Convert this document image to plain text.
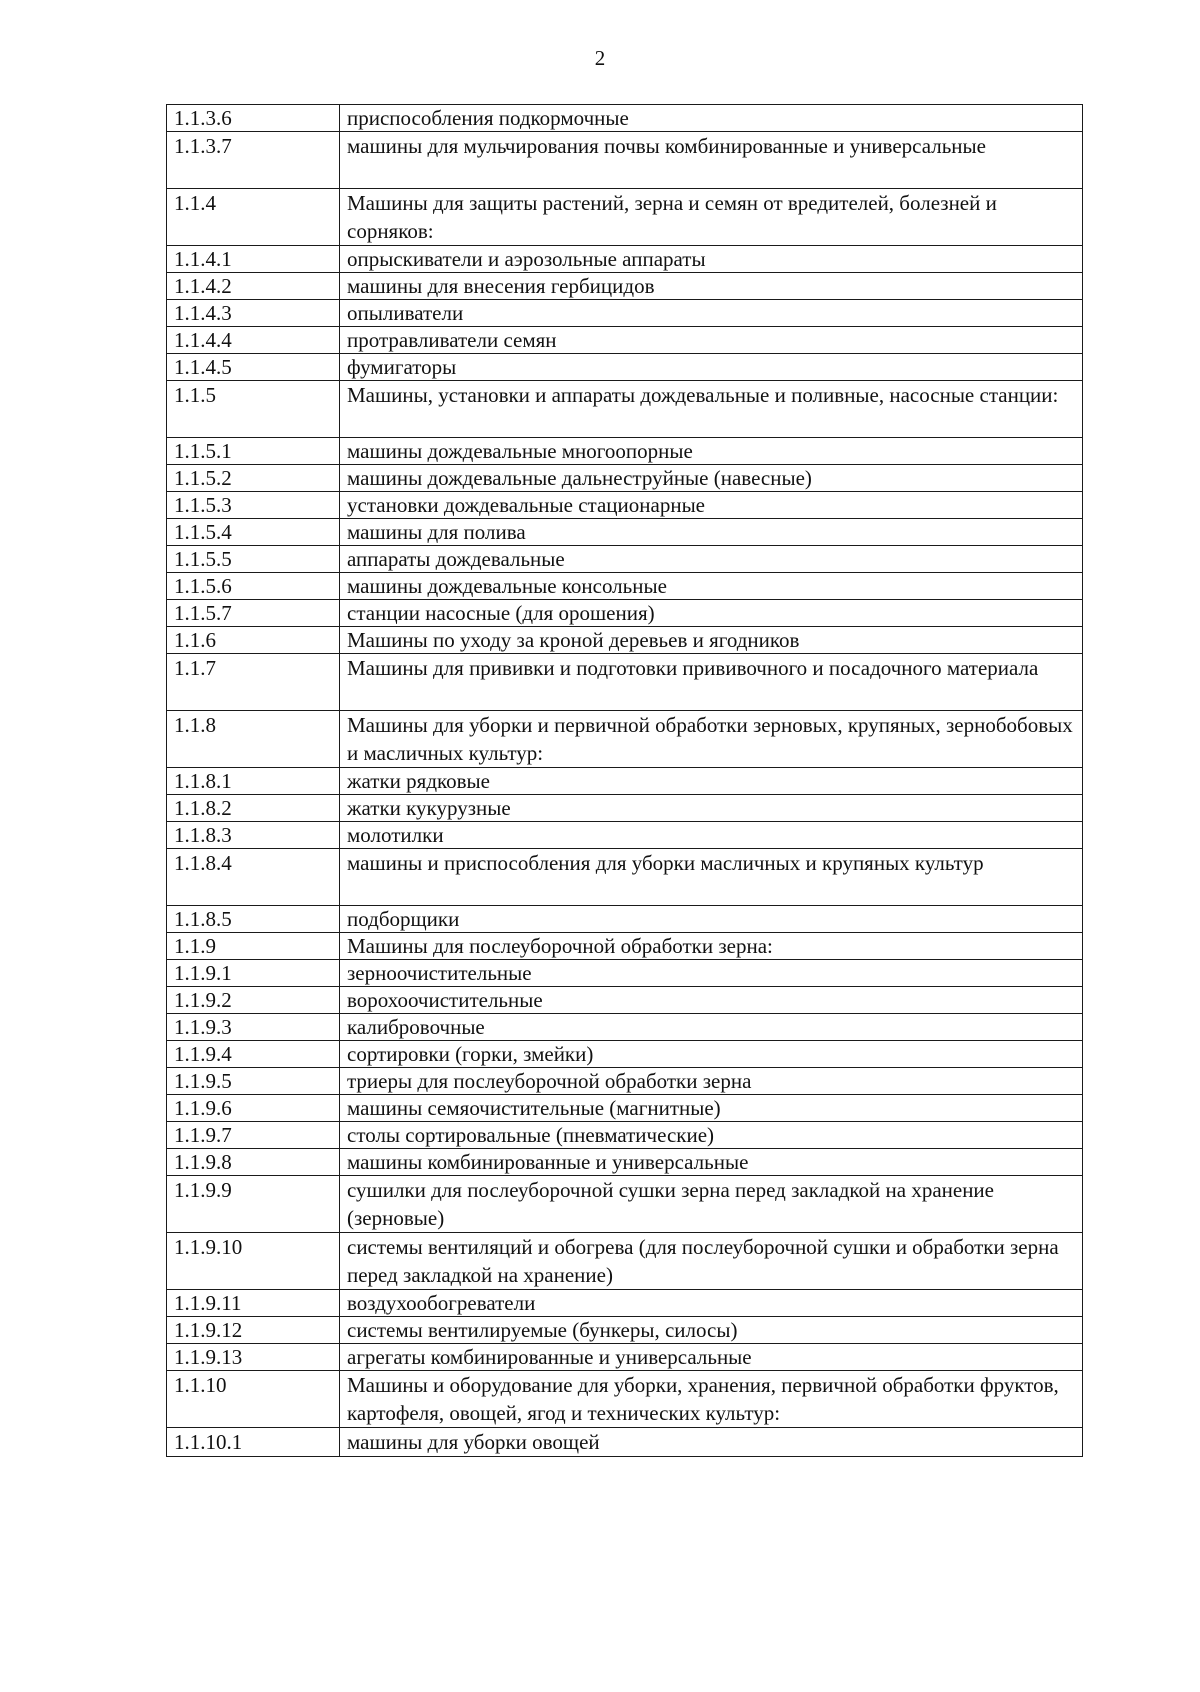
2
1.1.3.6	приспособления подкормочные
1.1.3.7	машины для мульчирования почвы комбинированные и универсальные
1.1.4	Машины для защиты растений, зерна и семян от вредителей, болезней и сорняков:
1.1.4.1	опрыскиватели и аэрозольные аппараты
1.1.4.2	машины для внесения гербицидов
1.1.4.3	опыливатели
1.1.4.4	протравливатели семян
1.1.4.5	фумигаторы
1.1.5	Машины, установки и аппараты дождевальные и поливные, насосные станции:
1.1.5.1	машины дождевальные многоопорные
1.1.5.2	машины дождевальные дальнеструйные (навесные)
1.1.5.3	установки дождевальные стационарные
1.1.5.4	машины для полива
1.1.5.5	аппараты дождевальные
1.1.5.6	машины дождевальные консольные
1.1.5.7	станции насосные (для орошения)
1.1.6	Машины по уходу за кроной деревьев и ягодников
1.1.7	Машины для прививки и подготовки прививочного и посадочного материала
1.1.8	Машины для уборки и первичной обработки зерновых, крупяных, зернобобовых и масличных культур:
1.1.8.1	жатки рядковые
1.1.8.2	жатки кукурузные
1.1.8.3	молотилки
1.1.8.4	машины и приспособления для уборки масличных и крупяных культур
1.1.8.5	подборщики
1.1.9	Машины для послеуборочной обработки зерна:
1.1.9.1	зерноочистительные
1.1.9.2	ворохоочистительные
1.1.9.3	калибровочные
1.1.9.4	сортировки (горки, змейки)
1.1.9.5	триеры для послеуборочной обработки зерна
1.1.9.6	машины семяочистительные (магнитные)
1.1.9.7	столы сортировальные (пневматические)
1.1.9.8	машины комбинированные и универсальные
1.1.9.9	сушилки для послеуборочной сушки зерна перед закладкой на хранение (зерновые)
1.1.9.10	системы вентиляций и обогрева (для послеуборочной сушки и обработки зерна перед закладкой на хранение)
1.1.9.11	воздухообогреватели
1.1.9.12	системы вентилируемые (бункеры, силосы)
1.1.9.13	агрегаты комбинированные и универсальные
1.1.10	Машины и оборудование для уборки, хранения, первичной обработки фруктов, картофеля, овощей, ягод и технических культур:
1.1.10.1	машины для уборки овощей
